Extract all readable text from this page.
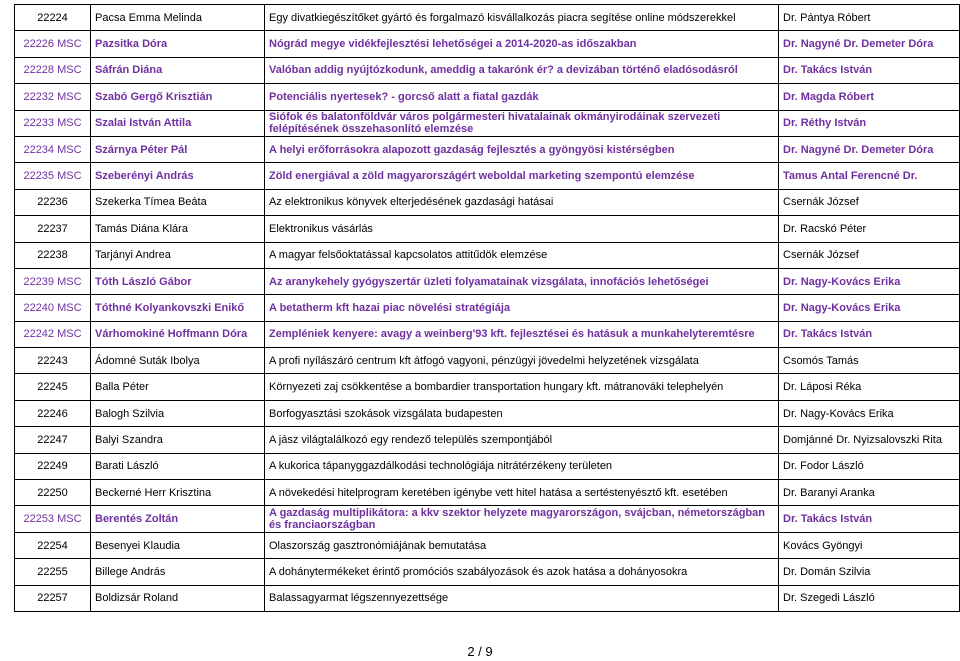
22224	Pacsa Emma Melinda	Egy divatkiegészítőket gyártó és forgalmazó kisvállalkozás piacra segítése online módszerekkel	Dr. Pántya Róbert
22226 MSC	Pazsitka Dóra	Nógrád megye vidékfejlesztési lehetőségei a 2014-2020-as időszakban	Dr. Nagyné Dr. Demeter Dóra
22228 MSC	Sáfrán Diána	Valóban addig nyújtózkodunk, ameddig a takarónk ér? a devizában történő eladósodásról	Dr. Takács István
22232 MSC	Szabó Gergő Krisztián	Potenciális nyertesek? - gorcső alatt a fiatal gazdák	Dr. Magda Róbert
22233 MSC	Szalai István Attila	Siófok és balatonföldvár város polgármesteri hivatalainak okmányirodáinak szervezeti felépítésének összehasonlító elemzése	Dr. Réthy István
22234 MSC	Szárnya Péter Pál	A helyi erőforrásokra alapozott gazdaság fejlesztés a gyöngyösi kistérségben	Dr. Nagyné Dr. Demeter Dóra
22235 MSC	Szeberényi András	Zöld energiával a zöld magyarországért weboldal marketing szempontú elemzése	Tamus Antal Ferencné Dr.
22236	Szekerka Tímea Beáta	Az elektronikus könyvek elterjedésének gazdasági hatásai	Csernák József
22237	Tamás Diána Klára	Elektronikus vásárlás	Dr. Racskó Péter
22238	Tarjányi Andrea	A magyar felsőoktatással kapcsolatos attitűdök elemzése	Csernák József
22239 MSC	Tóth László Gábor	Az aranykehely gyógyszertár üzleti folyamatainak vizsgálata, innofációs lehetőségei	Dr. Nagy-Kovács Erika
22240 MSC	Tóthné Kolyankovszki Enikő	A betatherm kft hazai piac növelési stratégiája	Dr. Nagy-Kovács Erika
22242 MSC	Várhomokiné Hoffmann Dóra	Zempléniek kenyere: avagy a weinberg'93 kft. fejlesztései és hatásuk a munkahelyteremtésre	Dr. Takács István
22243	Ádomné Suták Ibolya	A profi nyílászáró centrum kft átfogó vagyoni, pénzügyi jövedelmi helyzetének vizsgálata	Csomós Tamás
22245	Balla Péter	Környezeti zaj csökkentése a bombardier transportation hungary kft. mátranováki telephelyén	Dr. Láposi Réka
22246	Balogh Szilvia	Borfogyasztási szokások vizsgálata budapesten	Dr. Nagy-Kovács Erika
22247	Balyi Szandra	A jász világtalálkozó egy rendező település szempontjából	Domjánné Dr. Nyizsalovszki Rita
22249	Barati László	A kukorica tápanyggazdálkodási technológiája nitrátérzékeny területen	Dr. Fodor László
22250	Beckerné Herr Krisztina	A növekedési hitelprogram keretében igénybe vett hitel hatása a sertéstenyésztő kft. esetében	Dr. Baranyi Aranka
22253 MSC	Berentés Zoltán	A gazdaság multiplikátora: a kkv szektor helyzete magyarországon, svájcban, németországban és franciaországban	Dr. Takács István
22254	Besenyei Klaudia	Olaszország gasztronómiájának bemutatása	Kovács Gyöngyi
22255	Billege András	A dohánytermékeket érintő promóciós szabályozások és azok hatása a dohányosokra	Dr. Domán Szilvia
22257	Boldizsár Roland	Balassagyarmat légszennyezettsége	Dr. Szegedi László
2 / 9
